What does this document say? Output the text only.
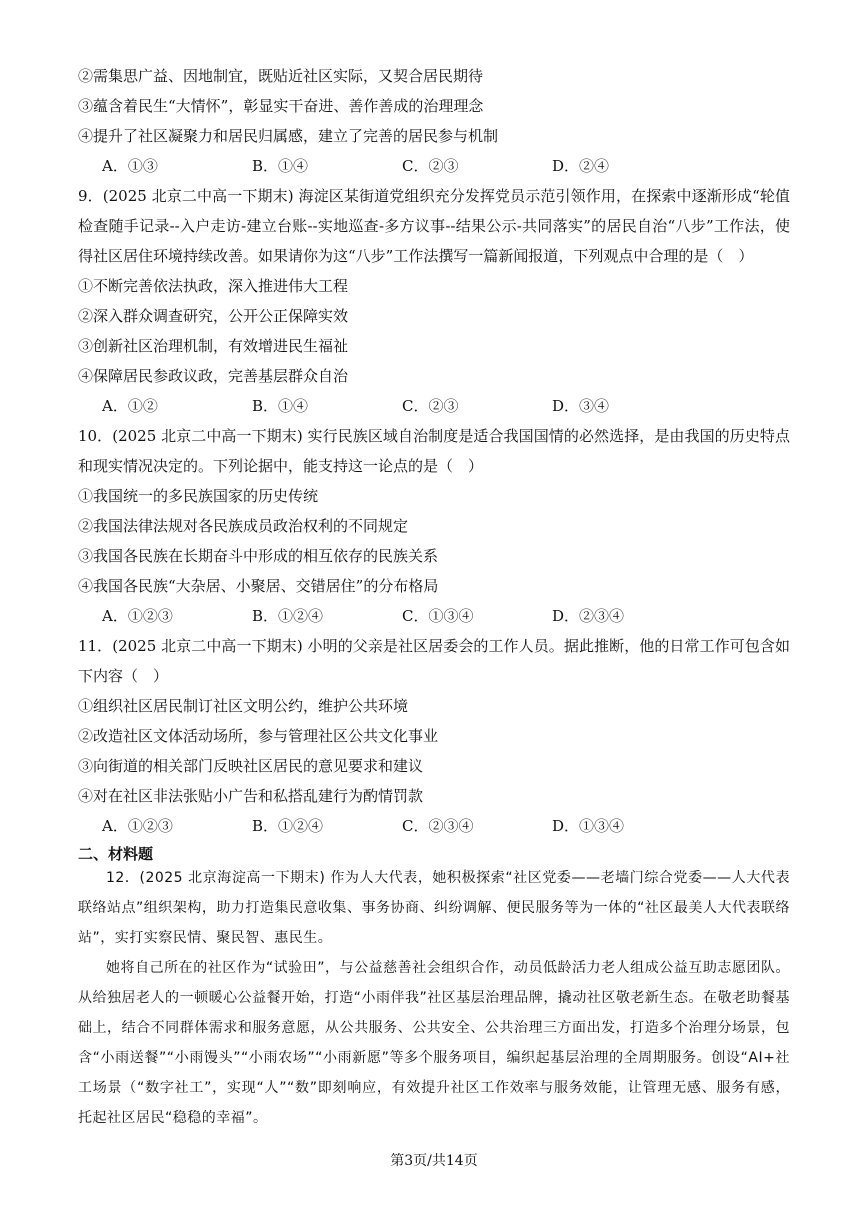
②需集思广益、因地制宜，既贴近社区实际，又契合居民期待
③蕴含着民生“大情怀”，彰显实干奋进、善作善成的治理理念
④提升了社区凝聚力和居民归属感，建立了完善的居民参与机制
A．①③	B．①④	C．②③	D．②④
9．(2025 北京二中高一下期末) 海淀区某街道党组织充分发挥党员示范引领作用，在探索中逐渐形成“轮值检查随手记录--入户走访-建立台账--实地巡查-多方议事--结果公示-共同落实”的居民自治“八步”工作法，使得社区居住环境持续改善。如果请你为这“八步”工作法撰写一篇新闻报道，下列观点中合理的是（　）
①不断完善依法执政，深入推进伟大工程
②深入群众调查研究，公开公正保障实效
③创新社区治理机制，有效增进民生福祉
④保障居民参政议政，完善基层群众自治
A．①②	B．①④	C．②③	D．③④
10．(2025 北京二中高一下期末) 实行民族区域自治制度是适合我国国情的必然选择，是由我国的历史特点和现实情况决定的。下列论据中，能支持这一论点的是（　）
①我国统一的多民族国家的历史传统
②我国法律法规对各民族成员政治权利的不同规定
③我国各民族在长期奋斗中形成的相互依存的民族关系
④我国各民族“大杂居、小聚居、交错居住”的分布格局
A．①②③	B．①②④	C．①③④	D．②③④
11．(2025 北京二中高一下期末) 小明的父亲是社区居委会的工作人员。据此推断，他的日常工作可包含如下内容（　）
①组织社区居民制订社区文明公约，维护公共环境
②改造社区文体活动场所，参与管理社区公共文化事业
③向街道的相关部门反映社区居民的意见要求和建议
④对在社区非法张贴小广告和私搭乱建行为酌情罚款
A．①②③	B．①②④	C．②③④	D．①③④
二、材料题

12．(2025 北京海淀高一下期末) 作为人大代表，她积极探索“社区党委——老墙门综合党委——人大代表联络站点”组织架构，助力打造集民意收集、事务协商、纠纷调解、便民服务等为一体的“社区最美人大代表联络站”，实打实察民情、聚民智、惠民生。

她将自己所在的社区作为“试验田”，与公益慈善社会组织合作，动员低龄活力老人组成公益互助志愿团队。从给独居老人的一顿暖心公益餐开始，打造“小雨伴我”社区基层治理品牌，撬动社区敬老新生态。在敬老助餐基础上，结合不同群体需求和服务意愿，从公共服务、公共安全、公共治理三方面出发，打造多个治理分场景，包含“小雨送餐”“小雨馒头”“小雨农场”“小雨新愿”等多个服务项目，编织起基层治理的全周期服务。创设“AI+社工场景（“数字社工”，实现“人”“数”即刻响应，有效提升社区工作效率与服务效能，让管理无感、服务有感，托起社区居民“稳稳的幸福”。

第3页/共14页
